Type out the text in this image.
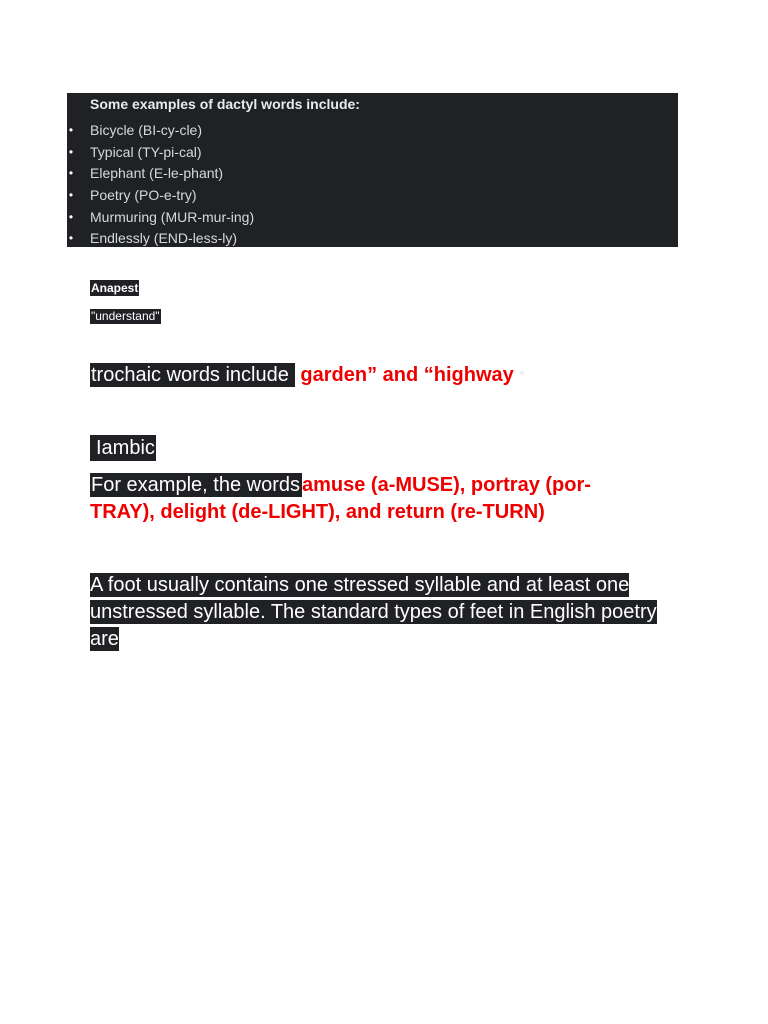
Some examples of dactyl words include:
• Bicycle (BI-cy-cle)
• Typical (TY-pi-cal)
• Elephant (E-le-phant)
• Poetry (PO-e-try)
• Murmuring (MUR-mur-ing)
• Endlessly (END-less-ly)
Anapest
"understand"
trochaic words include garden” and “highway ”
Iambic
For example, the words amuse (a-MUSE), portray (por-TRAY), delight (de-LIGHT), and return (re-TURN)
A foot usually contains one stressed syllable and at least one unstressed syllable. The standard types of feet in English poetry are
